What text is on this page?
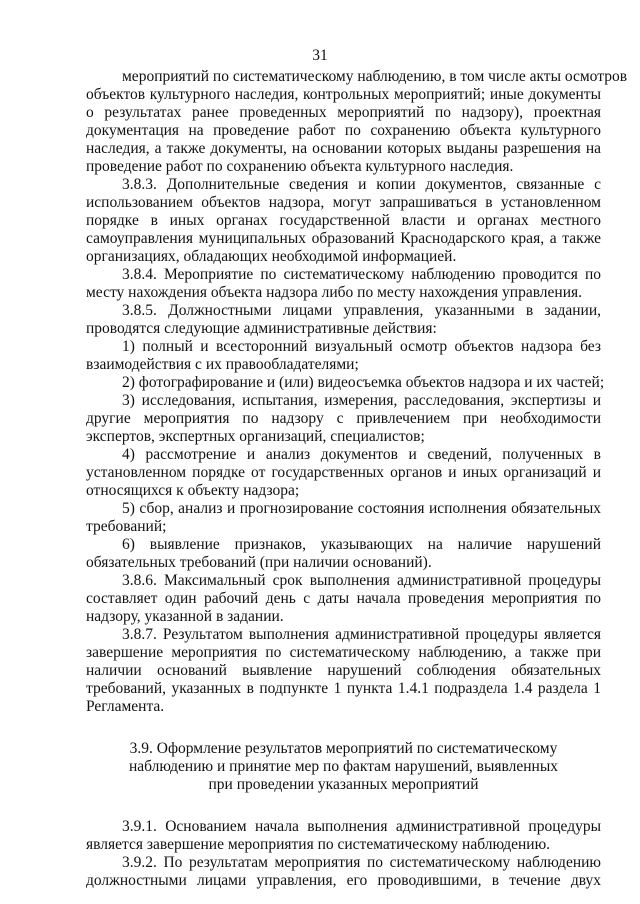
31
мероприятий по систематическому наблюдению, в том числе акты осмотров
объектов культурного наследия, контрольных мероприятий; иные документы
о результатах ранее проведенных мероприятий по надзору), проектная
документация на проведение работ по сохранению объекта культурного
наследия, а также документы, на основании которых выданы разрешения на
проведение работ по сохранению объекта культурного наследия.
3.8.3. Дополнительные сведения и копии документов, связанные с
использованием объектов надзора, могут запрашиваться в установленном
порядке в иных органах государственной власти и органах местного
самоуправления муниципальных образований Краснодарского края, а также
организациях, обладающих необходимой информацией.
3.8.4. Мероприятие по систематическому наблюдению проводится по
месту нахождения объекта надзора либо по месту нахождения управления.
3.8.5. Должностными лицами управления, указанными в задании,
проводятся следующие административные действия:
1) полный и всесторонний визуальный осмотр объектов надзора без
взаимодействия с их правообладателями;
2) фотографирование и (или) видеосъемка объектов надзора и их частей;
3) исследования, испытания, измерения, расследования, экспертизы и
другие мероприятия по надзору с привлечением при необходимости
экспертов, экспертных организаций, специалистов;
4) рассмотрение и анализ документов и сведений, полученных в
установленном порядке от государственных органов и иных организаций и
относящихся к объекту надзора;
5) сбор, анализ и прогнозирование состояния исполнения обязательных
требований;
6) выявление признаков, указывающих на наличие нарушений
обязательных требований (при наличии оснований).
3.8.6. Максимальный срок выполнения административной процедуры
составляет один рабочий день с даты начала проведения мероприятия по
надзору, указанной в задании.
3.8.7. Результатом выполнения административной процедуры является
завершение мероприятия по систематическому наблюдению, а также при
наличии оснований выявление нарушений соблюдения обязательных
требований, указанных в подпункте 1 пункта 1.4.1 подраздела 1.4 раздела 1
Регламента.
3.9. Оформление результатов мероприятий по систематическому
наблюдению и принятие мер по фактам нарушений, выявленных
при проведении указанных мероприятий
3.9.1. Основанием начала выполнения административной процедуры
является завершение мероприятия по систематическому наблюдению.
3.9.2. По результатам мероприятия по систематическому наблюдению
должностными лицами управления, его проводившими, в течение двух
